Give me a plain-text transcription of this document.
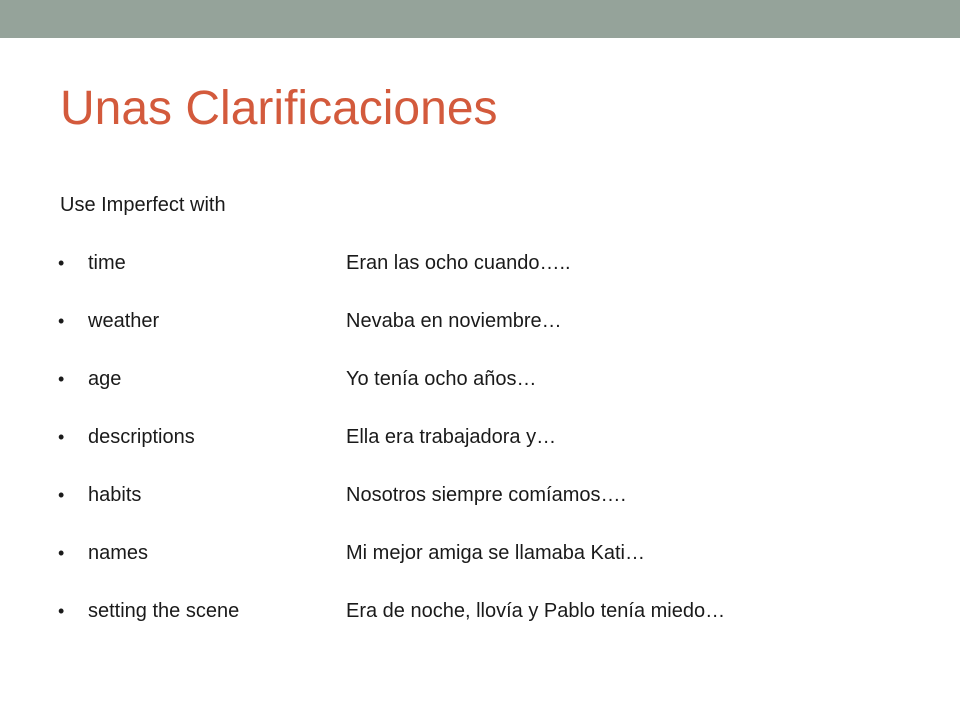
Unas Clarificaciones

Use Imperfect with

• time	Eran las ocho cuando…..
• weather	Nevaba en noviembre…
• age	Yo tenía ocho años…
• descriptions	Ella era trabajadora y…
• habits	Nosotros siempre comíamos….
• names	Mi mejor amiga se llamaba Kati…
• setting the scene	Era de noche, llovía y Pablo tenía miedo…
